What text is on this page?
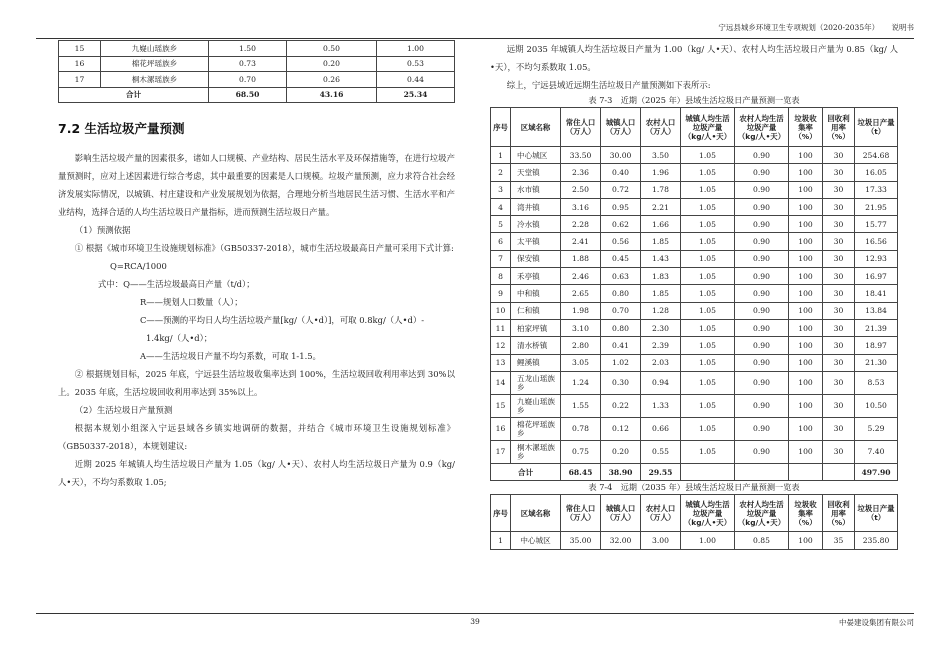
宁远县城乡环境卫生专项规划（2020-2035年） 说明书
15	九嶷山瑶族乡	1.50	0.50	1.00
16	棉花坪瑶族乡	0.73	0.20	0.53
17	桐木漯瑶族乡	0.70	0.26	0.44
合计		68.50	43.16	25.34
7.2 生活垃圾产量预测

影响生活垃圾产量的因素很多，诸如人口规模、产业结构、居民生活水平及环保措施等，在进行垃圾产量预测时，应对上述因素进行综合考虑，其中最重要的因素是人口规模。垃圾产量预测，应力求符合社会经济发展实际情况，以城镇、村庄建设和产业发展规划为依据，合理地分析当地居民生活习惯、生活水平和产业结构，选择合适的人均生活垃圾日产量指标，进而预测生活垃圾日产量。

（1）预测依据

① 根据《城市环境卫生设施规划标准》（GB50337-2018），城市生活垃圾最高日产量可采用下式计算:

Q=RCA/1000

式中：Q——生活垃圾最高日产量（t/d）；

R——规划人口数量（人）；

C——预测的平均日人均生活垃圾产量[kg/（人•d）]，可取 0.8kg/（人•d）-

1.4kg/（人•d）；

A——生活垃圾日产量不均匀系数，可取 1-1.5。

② 根据规划目标，2025 年底，宁远县生活垃圾收集率达到 100%，生活垃圾回收利用率达到 30%以上。2035 年底，生活垃圾回收利用率达到 35%以上。

（2）生活垃圾日产量预测

根据本规划小组深入宁远县域各乡镇实地调研的数据，并结合《城市环境卫生设施规划标准》（GB50337-2018），本规划建议:

近期 2025 年城镇人均生活垃圾日产量为 1.05（kg/ 人•天）、农村人均生活垃圾日产量为 0.9（kg/ 人•天），不均匀系数取 1.05;

远期 2035 年城镇人均生活垃圾日产量为 1.00（kg/ 人•天）、农村人均生活垃圾日产量为 0.85（kg/ 人•天），不均匀系数取 1.05。

综上，宁远县域近远期生活垃圾日产量预测如下表所示:

表 7-3　近期（2025 年）县域生活垃圾日产量预测一览表

序号	区域名称	常住人口（万人）	城镇人口（万人）	农村人口（万人）	城镇人均生活垃圾产量（kg/人•天）	农村人均生活垃圾产量（kg/人•天）	垃圾收集率（%）	回收利用率（%）	垃圾日产量（t）
1	中心城区	33.50	30.00	3.50	1.05	0.90	100	30	254.68
2	天堂镇	2.36	0.40	1.96	1.05	0.90	100	30	16.05
3	水市镇	2.50	0.72	1.78	1.05	0.90	100	30	17.33
4	湾井镇	3.16	0.95	2.21	1.05	0.90	100	30	21.95
5	冷水镇	2.28	0.62	1.66	1.05	0.90	100	30	15.77
6	太平镇	2.41	0.56	1.85	1.05	0.90	100	30	16.56
7	保安镇	1.88	0.45	1.43	1.05	0.90	100	30	12.93
8	禾亭镇	2.46	0.63	1.83	1.05	0.90	100	30	16.97
9	中和镇	2.65	0.80	1.85	1.05	0.90	100	30	18.41
10	仁和镇	1.98	0.70	1.28	1.05	0.90	100	30	13.84
11	柏家坪镇	3.10	0.80	2.30	1.05	0.90	100	30	21.39
12	清水桥镇	2.80	0.41	2.39	1.05	0.90	100	30	18.97
13	鲤溪镇	3.05	1.02	2.03	1.05	0.90	100	30	21.30
14	五龙山瑶族乡	1.24	0.30	0.94	1.05	0.90	100	30	8.53
15	九嶷山瑶族乡	1.55	0.22	1.33	1.05	0.90	100	30	10.50
16	棉花坪瑶族乡	0.78	0.12	0.66	1.05	0.90	100	30	5.29
17	桐木漯瑶族乡	0.75	0.20	0.55	1.05	0.90	100	30	7.40
合计		68.45	38.90	29.55					497.90

表 7-4　远期（2035 年）县域生活垃圾日产量预测一览表

序号	区域名称	常住人口（万人）	城镇人口（万人）	农村人口（万人）	城镇人均生活垃圾产量（kg/人•天）	农村人均生活垃圾产量（kg/人•天）	垃圾收集率（%）	回收利用率（%）	垃圾日产量（t）
1	中心城区	35.00	32.00	3.00	1.00	0.85	100	35	235.80
39	中晏建设集团有限公司
